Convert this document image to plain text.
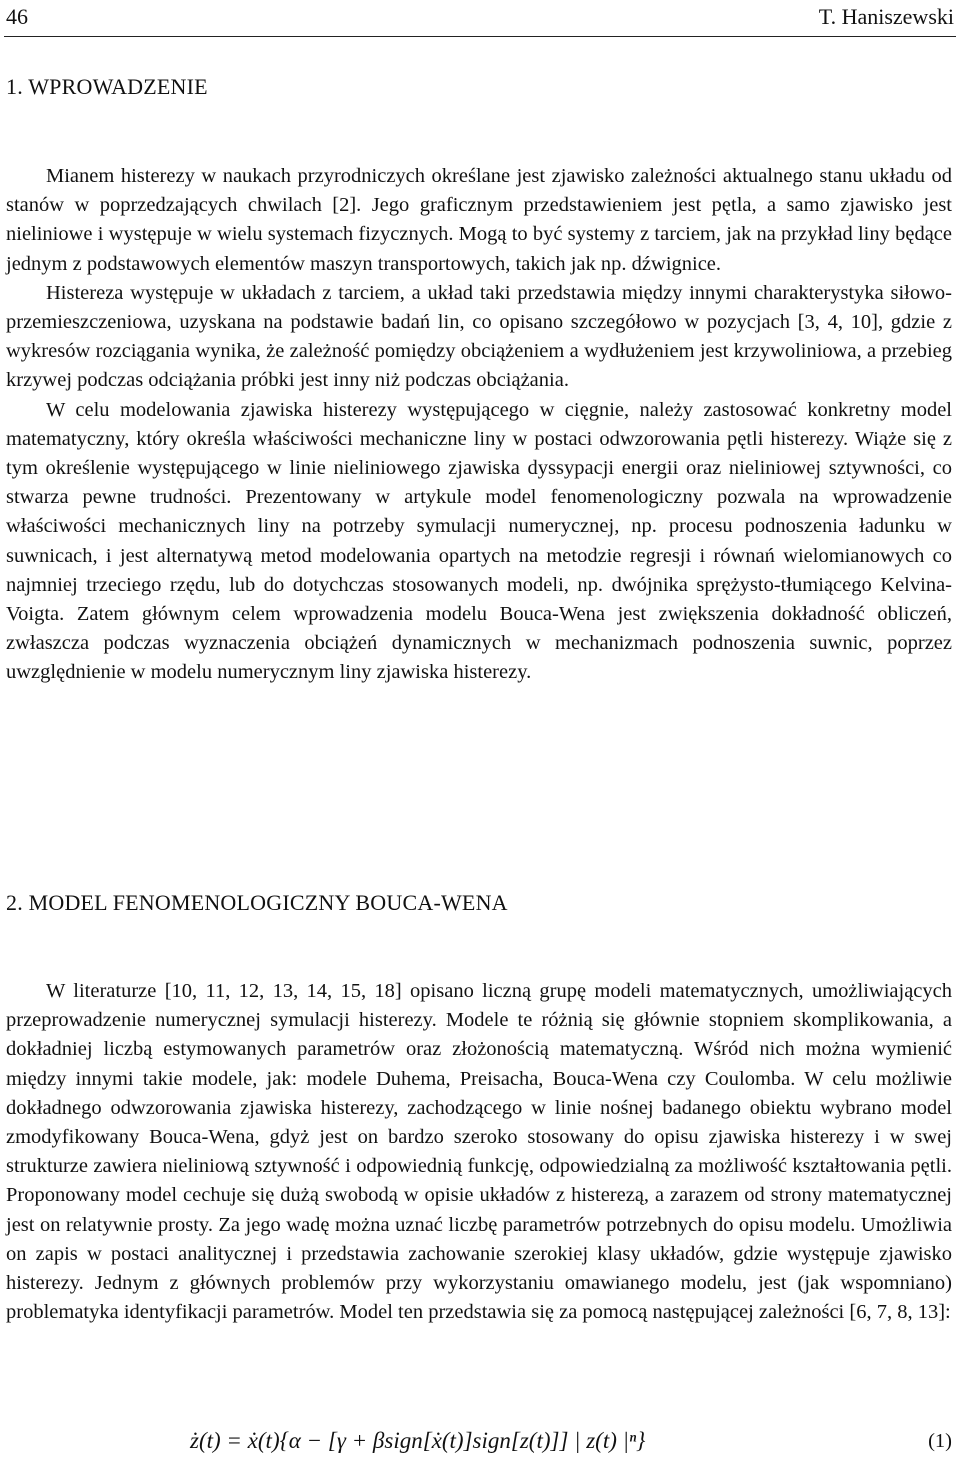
46	T. Haniszewski
1. WPROWADZENIE

Mianem histerezy w naukach przyrodniczych określane jest zjawisko zależności aktualnego stanu układu od stanów w poprzedzających chwilach [2]. Jego graficznym przedstawieniem jest pętla, a samo zjawisko jest nieliniowe i występuje w wielu systemach fizycznych. Mogą to być systemy z tarciem, jak na przykład liny będące jednym z podstawowych elementów maszyn transportowych, takich jak np. dźwignice.

Histereza występuje w układach z tarciem, a układ taki przedstawia między innymi charakterystyka siłowo-przemieszczeniowa, uzyskana na podstawie badań lin, co opisano szczegółowo w pozycjach [3, 4, 10], gdzie z wykresów rozciągania wynika, że zależność pomiędzy obciążeniem a wydłużeniem jest krzywoliniowa, a przebieg krzywej podczas odciążania próbki jest inny niż podczas obciążania.

W celu modelowania zjawiska histerezy występującego w cięgnie, należy zastosować konkretny model matematyczny, który określa właściwości mechaniczne liny w postaci odwzorowania pętli histerezy. Wiąże się z tym określenie występującego w linie nieliniowego zjawiska dyssypacji energii oraz nieliniowej sztywności, co stwarza pewne trudności. Prezentowany w artykule model fenomenologiczny pozwala na wprowadzenie właściwości mechanicznych liny na potrzeby symulacji numerycznej, np. procesu podnoszenia ładunku w suwnicach, i jest alternatywą metod modelowania opartych na metodzie regresji i równań wielomianowych co najmniej trzeciego rzędu, lub do dotychczas stosowanych modeli, np. dwójnika sprężysto-tłumiącego Kelvina-Voigta. Zatem głównym celem wprowadzenia modelu Bouca-Wena jest zwiększenia dokładność obliczeń, zwłaszcza podczas wyznaczenia obciążeń dynamicznych w mechanizmach podnoszenia suwnic, poprzez uwzględnienie w modelu numerycznym liny zjawiska histerezy.

2. MODEL FENOMENOLOGICZNY BOUCA-WENA

W literaturze [10, 11, 12, 13, 14, 15, 18] opisano liczną grupę modeli matematycznych, umożliwiających przeprowadzenie numerycznej symulacji histerezy. Modele te różnią się głównie stopniem skomplikowania, a dokładniej liczbą estymowanych parametrów oraz złożonością matematyczną. Wśród nich można wymienić między innymi takie modele, jak: modele Duhema, Preisacha, Bouca-Wena czy Coulomba. W celu możliwie dokładnego odwzorowania zjawiska histerezy, zachodzącego w linie nośnej badanego obiektu wybrano model zmodyfikowany Bouca-Wena, gdyż jest on bardzo szeroko stosowany do opisu zjawiska histerezy i w swej strukturze zawiera nieliniową sztywność i odpowiednią funkcję, odpowiedzialną za możliwość kształtowania pętli. Proponowany model cechuje się dużą swobodą w opisie układów z histerezą, a zarazem od strony matematycznej jest on relatywnie prosty. Za jego wadę można uznać liczbę parametrów potrzebnych do opisu modelu. Umożliwia on zapis w postaci analitycznej i przedstawia zachowanie szerokiej klasy układów, gdzie występuje zjawisko histerezy. Jednym z głównych problemów przy wykorzystaniu omawianego modelu, jest (jak wspomniano) problematyka identyfikacji parametrów. Model ten przedstawia się za pomocą następującej zależności [6, 7, 8, 13]:

ż(t) = ẋ(t){α − [γ + βsign[ẋ(t)]sign[z(t)]] | z(t) |ⁿ}	(1)
